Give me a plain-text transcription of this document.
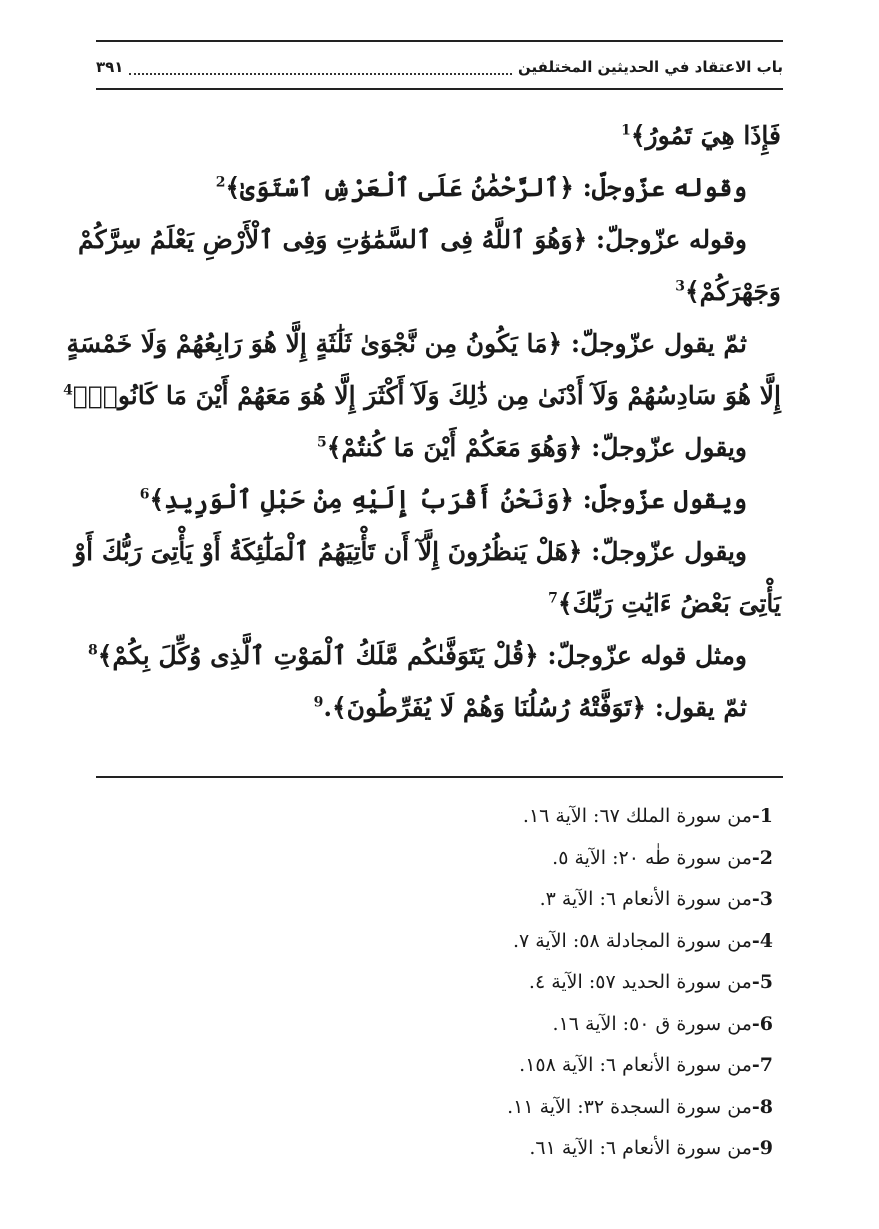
باب الاعتقاد في الحديثين المختلفين
٣٩١
فَإِذَا هِيَ تَمُورُ﴾$^1$
وقوله عزّوجلّ: ﴿ٱلرَّحْمَٰنُ عَلَى ٱلْعَرْشِ ٱسْتَوَىٰ﴾$^2$
وقوله عزّوجلّ: ﴿وَهُوَ ٱللَّهُ فِى ٱلسَّمَٰوَٰتِ وَفِى ٱلْأَرْضِ يَعْلَمُ سِرَّكُمْ
وَجَهْرَكُمْ﴾$^3$
ثمّ يقول عزّوجلّ: ﴿مَا يَكُونُ مِن نَّجْوَىٰ ثَلَٰثَةٍ إِلَّا هُوَ رَابِعُهُمْ وَلَا خَمْسَةٍ
إِلَّا هُوَ سَادِسُهُمْ وَلَآ أَدْنَىٰ مِن ذَٰلِكَ وَلَآ أَكْثَرَ إِلَّا هُوَ مَعَهُمْ أَيْنَ مَا كَانُوا۟﴾$^4$
ويقول عزّوجلّ: ﴿وَهُوَ مَعَكُمْ أَيْنَ مَا كُنتُمْ﴾$^5$
ويقول عزّوجلّ: ﴿وَنَحْنُ أَقْرَبُ إِلَيْهِ مِنْ حَبْلِ ٱلْوَرِيدِ﴾$^6$
ويقول عزّوجلّ: ﴿هَلْ يَنظُرُونَ إِلَّآ أَن تَأْتِيَهُمُ ٱلْمَلَٰٓئِكَةُ أَوْ يَأْتِىَ رَبُّكَ أَوْ
يَأْتِىَ بَعْضُ ءَايَٰتِ رَبِّكَ﴾$^7$
ومثل قوله عزّوجلّ: ﴿قُلْ يَتَوَفَّىٰكُم مَّلَكُ ٱلْمَوْتِ ٱلَّذِى وُكِّلَ بِكُمْ﴾$^8$
ثمّ يقول: ﴿تَوَفَّتْهُ رُسُلُنَا وَهُمْ لَا يُفَرِّطُونَ﴾.$^9$
1-من سورة الملك ٦٧: الآية ١٦.
2-من سورة طٰه ٢٠: الآية ٥.
3-من سورة الأنعام ٦: الآية ٣.
4-من سورة المجادلة ٥٨: الآية ٧.
5-من سورة الحديد ٥٧: الآية ٤.
6-من سورة ق ٥٠: الآية ١٦.
7-من سورة الأنعام ٦: الآية ١٥٨.
8-من سورة السجدة ٣٢: الآية ١١.
9-من سورة الأنعام ٦: الآية ٦١.
